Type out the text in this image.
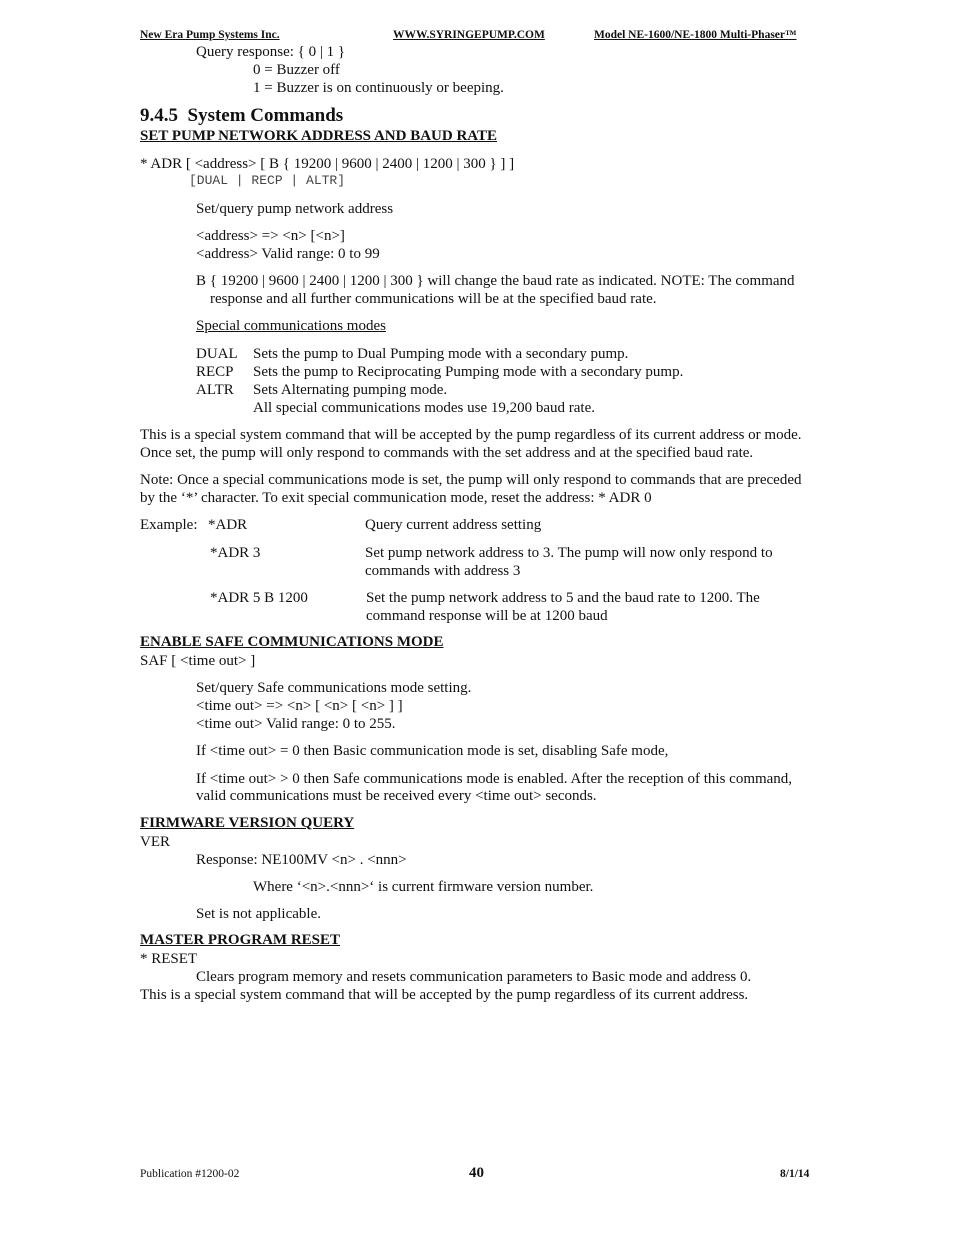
New Era Pump Systems Inc.	WWW.SYRINGEPUMP.COM	Model NE-1600/NE-1800 Multi-Phaser™
Query response: { 0 | 1 }
0 = Buzzer off
1 = Buzzer is on continuously or beeping.
9.4.5 System Commands
SET PUMP NETWORK ADDRESS AND BAUD RATE
* ADR [ <address> [ B { 19200 | 9600 | 2400 | 1200 | 300 } ] ]
[DUAL | RECP | ALTR]
Set/query pump network address
<address> => <n> [<n>]
<address> Valid range: 0 to 99
B { 19200 | 9600 | 2400 | 1200 | 300 } will change the baud rate as indicated. NOTE: The command
response and all further communications will be at the specified baud rate.
Special communications modes
DUAL Sets the pump to Dual Pumping mode with a secondary pump.
RECP Sets the pump to Reciprocating Pumping mode with a secondary pump.
ALTR Sets Alternating pumping mode.
All special communications modes use 19,200 baud rate.
This is a special system command that will be accepted by the pump regardless of its current address or mode.
Once set, the pump will only respond to commands with the set address and at the specified baud rate.
Note: Once a special communications mode is set, the pump will only respond to commands that are preceded
by the ‘*’ character. To exit special communication mode, reset the address: * ADR 0
Example: *ADR	Query current address setting
*ADR 3	Set pump network address to 3. The pump will now only respond to
commands with address 3
*ADR 5 B 1200	Set the pump network address to 5 and the baud rate to 1200. The
command response will be at 1200 baud
ENABLE SAFE COMMUNICATIONS MODE
SAF [ <time out> ]
Set/query Safe communications mode setting.
<time out> => <n> [ <n> [ <n> ] ]
<time out> Valid range: 0 to 255.
If <time out> = 0 then Basic communication mode is set, disabling Safe mode,
If <time out> > 0 then Safe communications mode is enabled. After the reception of this command,
valid communications must be received every <time out> seconds.
FIRMWARE VERSION QUERY
VER
Response: NE100MV <n> . <nnn>
Where ‘<n>.<nnn>‘ is current firmware version number.
Set is not applicable.
MASTER PROGRAM RESET
* RESET
Clears program memory and resets communication parameters to Basic mode and address 0.
This is a special system command that will be accepted by the pump regardless of its current address.
Publication #1200-02	40	8/1/14
